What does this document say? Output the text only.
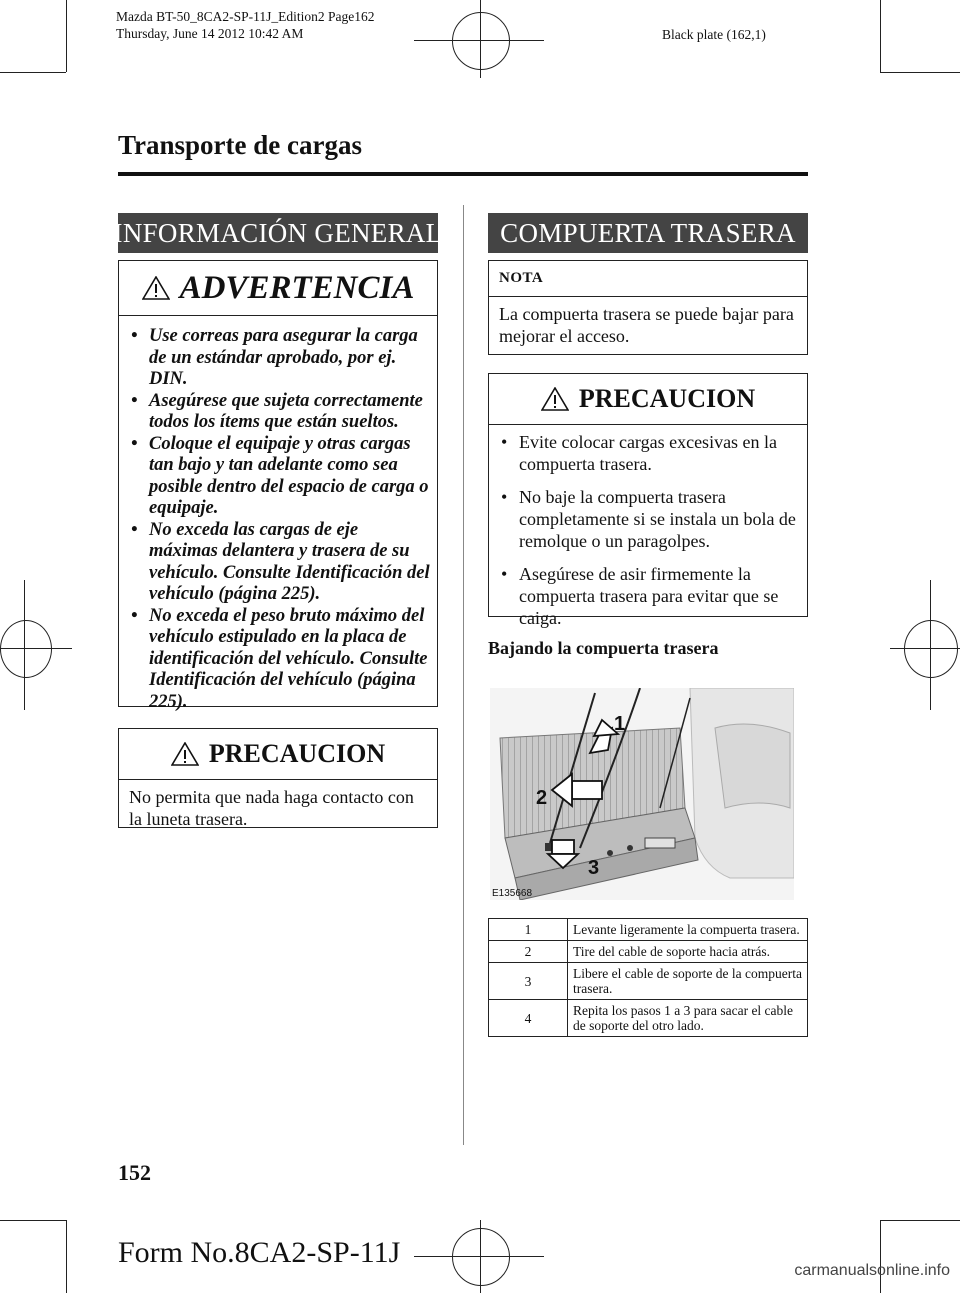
Mazda BT-50_8CA2-SP-11J_Edition2 Page162
Thursday, June 14 2012 10:42 AM	Black plate (162,1)
Transporte de cargas
INFORMACIÓN GENERAL
ADVERTENCIA
• Use correas para asegurar la carga de un estándar aprobado, por ej. DIN.
• Asegúrese que sujeta correctamente todos los ítems que están sueltos.
• Coloque el equipaje y otras cargas tan bajo y tan adelante como sea posible dentro del espacio de carga o equipaje.
• No exceda las cargas de eje máximas delantera y trasera de su vehículo. Consulte Identificación del vehículo (página 225).
• No exceda el peso bruto máximo del vehículo estipulado en la placa de identificación del vehículo. Consulte Identificación del vehículo (página 225).
PRECAUCION
No permita que nada haga contacto con la luneta trasera.
COMPUERTA TRASERA
NOTA
La compuerta trasera se puede bajar para mejorar el acceso.
PRECAUCION
• Evite colocar cargas excesivas en la compuerta trasera.
• No baje la compuerta trasera completamente si se instala un bola de remolque o un paragolpes.
• Asegúrese de asir firmemente la compuerta trasera para evitar que se caiga.
Bajando la compuerta trasera
1
2
3
E135668
1	Levante ligeramente la compuerta trasera.
2	Tire del cable de soporte hacia atrás.
3	Libere el cable de soporte de la compuerta trasera.
4	Repita los pasos 1 a 3 para sacar el cable de soporte del otro lado.
152
Form No.8CA2-SP-11J
carmanualsonline.info
